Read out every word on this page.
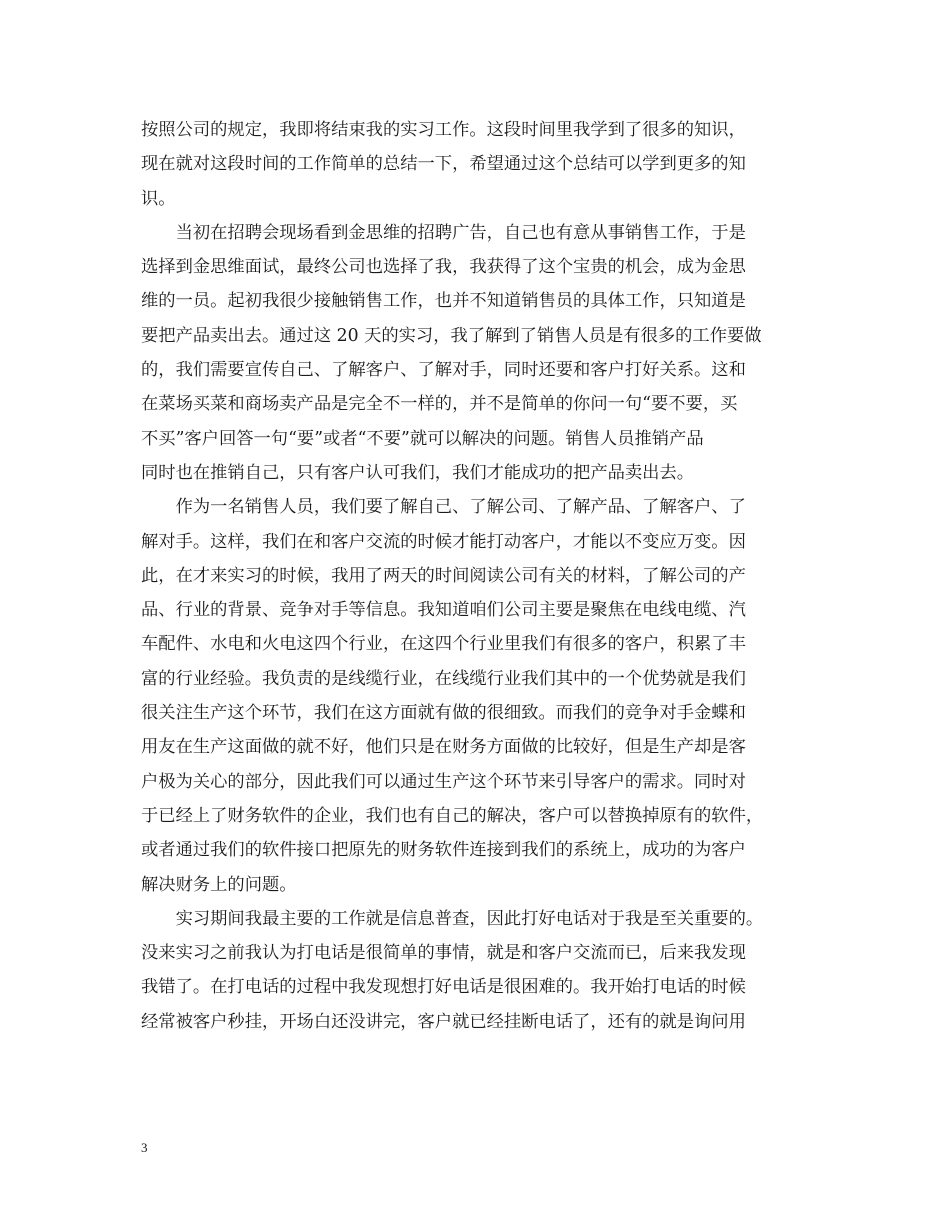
按照公司的规定，我即将结束我的实习工作。这段时间里我学到了很多的知识，
现在就对这段时间的工作简单的总结一下，希望通过这个总结可以学到更多的知
识。
　　当初在招聘会现场看到金思维的招聘广告，自己也有意从事销售工作，于是
选择到金思维面试，最终公司也选择了我，我获得了这个宝贵的机会，成为金思
维的一员。起初我很少接触销售工作，也并不知道销售员的具体工作，只知道是
要把产品卖出去。通过这 20 天的实习，我了解到了销售人员是有很多的工作要做
的，我们需要宣传自己、了解客户、了解对手，同时还要和客户打好关系。这和
在菜场买菜和商场卖产品是完全不一样的，并不是简单的你问一句“要不要，买
不买”客户回答一句“要”或者“不要”就可以解决的问题。销售人员推销产品
同时也在推销自己，只有客户认可我们，我们才能成功的把产品卖出去。
　　作为一名销售人员，我们要了解自己、了解公司、了解产品、了解客户、了
解对手。这样，我们在和客户交流的时候才能打动客户，才能以不变应万变。因
此，在才来实习的时候，我用了两天的时间阅读公司有关的材料，了解公司的产
品、行业的背景、竞争对手等信息。我知道咱们公司主要是聚焦在电线电缆、汽
车配件、水电和火电这四个行业，在这四个行业里我们有很多的客户，积累了丰
富的行业经验。我负责的是线缆行业，在线缆行业我们其中的一个优势就是我们
很关注生产这个环节，我们在这方面就有做的很细致。而我们的竞争对手金蝶和
用友在生产这面做的就不好，他们只是在财务方面做的比较好，但是生产却是客
户极为关心的部分，因此我们可以通过生产这个环节来引导客户的需求。同时对
于已经上了财务软件的企业，我们也有自己的解决，客户可以替换掉原有的软件，
或者通过我们的软件接口把原先的财务软件连接到我们的系统上，成功的为客户
解决财务上的问题。
　　实习期间我最主要的工作就是信息普查，因此打好电话对于我是至关重要的。
没来实习之前我认为打电话是很简单的事情，就是和客户交流而已，后来我发现
我错了。在打电话的过程中我发现想打好电话是很困难的。我开始打电话的时候
经常被客户秒挂，开场白还没讲完，客户就已经挂断电话了，还有的就是询问用
3
